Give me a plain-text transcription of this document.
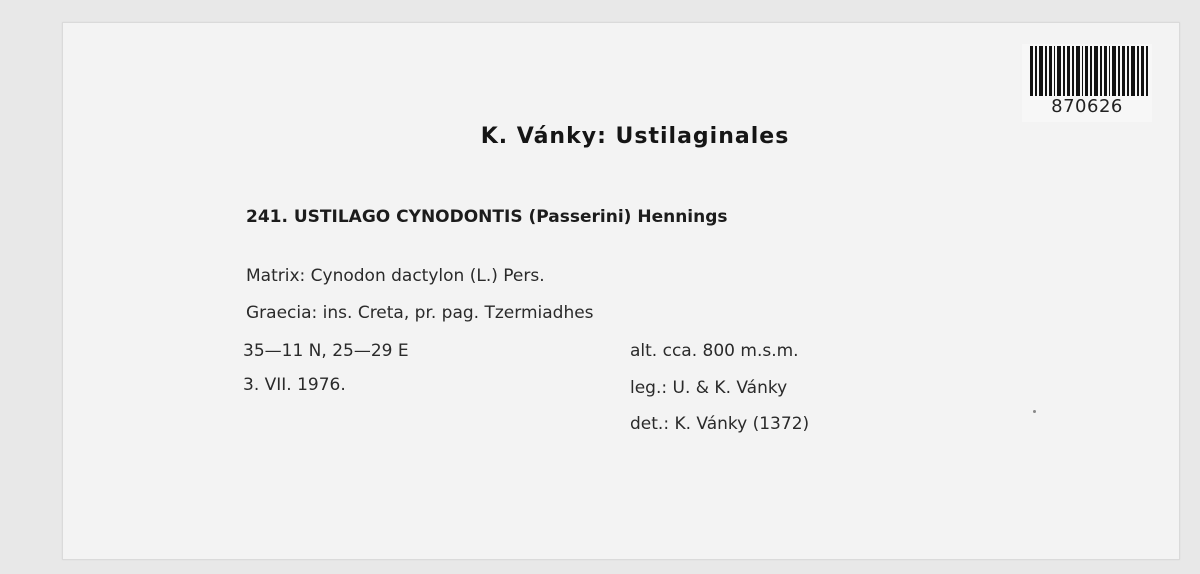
870626
K. Vánky: Ustilaginales
241. USTILAGO CYNODONTIS (Passerini) Hennings
Matrix: Cynodon dactylon (L.) Pers.
Graecia: ins. Creta, pr. pag. Tzermiadhes
35—11 N, 25—29 E
3. VII. 1976.
alt. cca. 800 m.s.m.
leg.: U. & K. Vánky
det.: K. Vánky (1372)
